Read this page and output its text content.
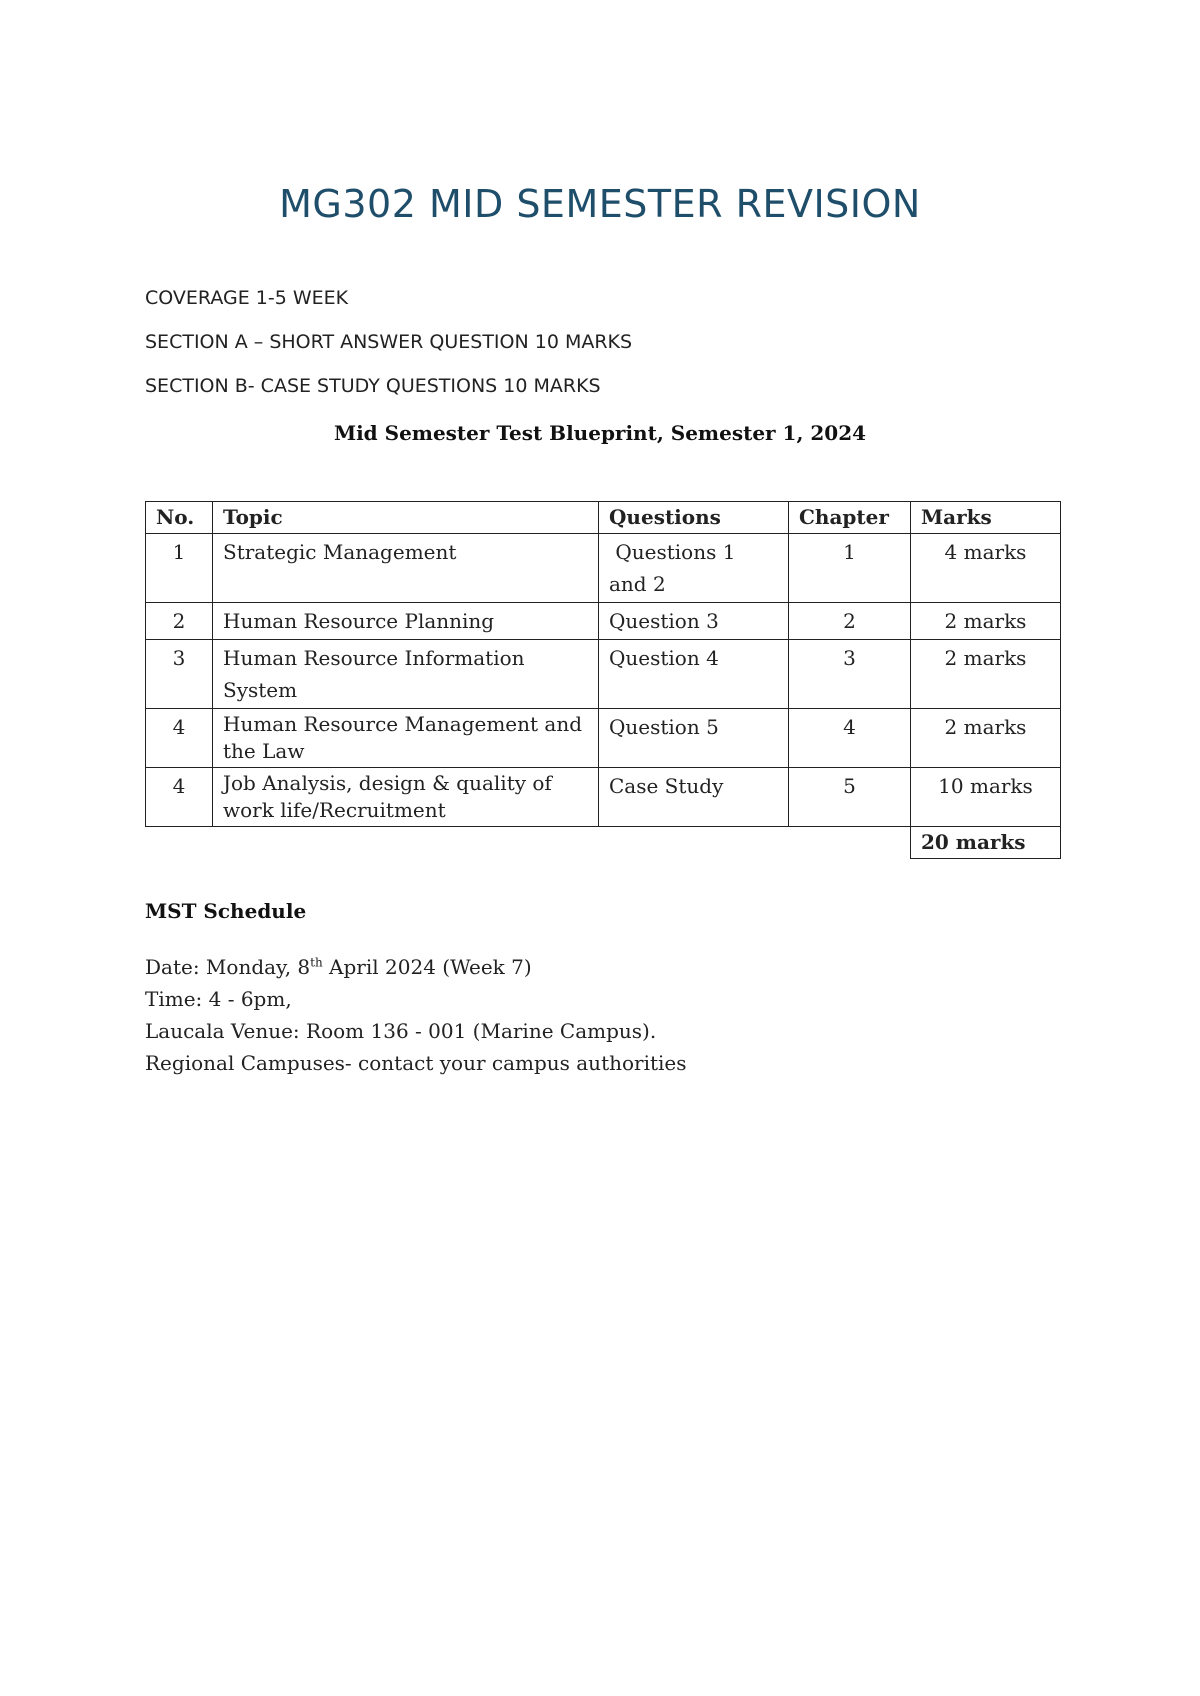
MG302 MID SEMESTER REVISION
COVERAGE 1-5 WEEK
SECTION A – SHORT ANSWER QUESTION 10 MARKS
SECTION B- CASE STUDY QUESTIONS 10 MARKS
Mid Semester Test Blueprint, Semester 1, 2024
No.	Topic	Questions	Chapter	Marks
1	Strategic Management	Questions 1 and 2	1	4 marks
2	Human Resource Planning	Question 3	2	2 marks
3	Human Resource Information System	Question 4	3	2 marks
4	Human Resource Management and the Law	Question 5	4	2 marks
4	Job Analysis, design & quality of work life/Recruitment	Case Study	5	10 marks
				20 marks
MST Schedule
Date: Monday, 8th April 2024 (Week 7)
Time: 4 - 6pm,
Laucala Venue: Room 136 - 001 (Marine Campus).
Regional Campuses- contact your campus authorities
